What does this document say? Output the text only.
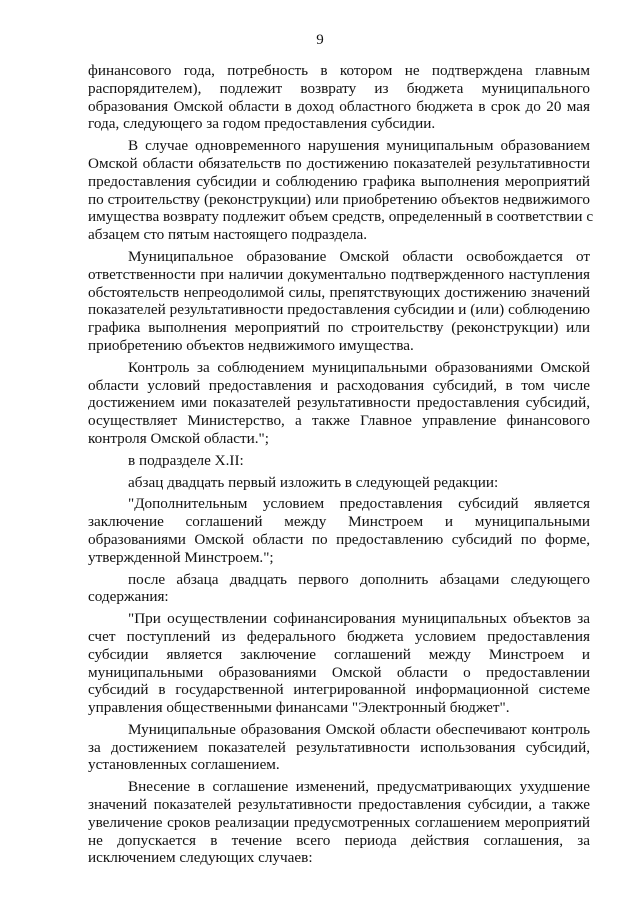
9
финансового года, потребность в котором не подтверждена главным
распорядителем), подлежит возврату из бюджета муниципального
образования Омской области в доход областного бюджета в срок до 20 мая
года, следующего за годом предоставления субсидии.
В случае одновременного нарушения муниципальным образованием
Омской области обязательств по достижению показателей результативности
предоставления субсидии и соблюдению графика выполнения мероприятий
по строительству (реконструкции) или приобретению объектов недвижимого
имущества возврату подлежит объем средств, определенный в соответствии с
абзацем сто пятым настоящего подраздела.
Муниципальное образование Омской области освобождается от
ответственности при наличии документально подтвержденного наступления
обстоятельств непреодолимой силы, препятствующих достижению значений
показателей результативности предоставления субсидии и (или) соблюдению
графика выполнения мероприятий по строительству (реконструкции) или
приобретению объектов недвижимого имущества.
Контроль за соблюдением муниципальными образованиями Омской
области условий предоставления и расходования субсидий, в том числе
достижением ими показателей результативности предоставления субсидий,
осуществляет Министерство, а также Главное управление финансового
контроля Омской области.";
в подразделе X.II:
абзац двадцать первый изложить в следующей редакции:
"Дополнительным условием предоставления субсидий является
заключение соглашений между Минстроем и муниципальными
образованиями Омской области по предоставлению субсидий по форме,
утвержденной Минстроем.";
после абзаца двадцать первого дополнить абзацами следующего
содержания:
"При осуществлении софинансирования муниципальных объектов за
счет поступлений из федерального бюджета условием предоставления
субсидии является заключение соглашений между Минстроем и
муниципальными образованиями Омской области о предоставлении
субсидий в государственной интегрированной информационной системе
управления общественными финансами "Электронный бюджет".
Муниципальные образования Омской области обеспечивают контроль
за достижением показателей результативности использования субсидий,
установленных соглашением.
Внесение в соглашение изменений, предусматривающих ухудшение
значений показателей результативности предоставления субсидии, а также
увеличение сроков реализации предусмотренных соглашением мероприятий
не допускается в течение всего периода действия соглашения, за
исключением следующих случаев:
